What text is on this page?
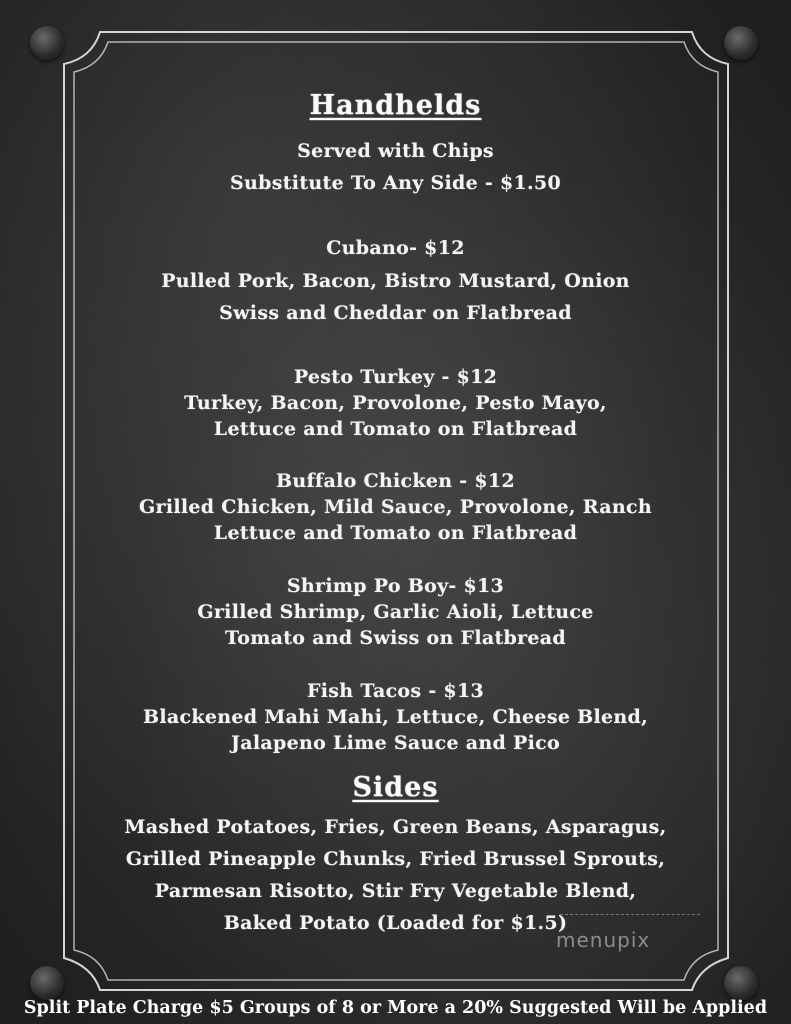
Handhelds
Served with Chips
Substitute To Any Side - $1.50
Cubano- $12
Pulled Pork, Bacon, Bistro Mustard, Onion
Swiss and Cheddar on Flatbread
Pesto Turkey - $12
Turkey, Bacon, Provolone, Pesto Mayo,
Lettuce and Tomato on Flatbread
Buffalo Chicken - $12
Grilled Chicken, Mild Sauce, Provolone, Ranch
Lettuce and Tomato on Flatbread
Shrimp Po Boy- $13
Grilled Shrimp, Garlic Aioli, Lettuce
Tomato and Swiss on Flatbread
Fish Tacos - $13
Blackened Mahi Mahi, Lettuce, Cheese Blend,
Jalapeno Lime Sauce and Pico
Sides
Mashed Potatoes, Fries, Green Beans, Asparagus,
Grilled Pineapple Chunks, Fried Brussel Sprouts,
Parmesan Risotto, Stir Fry Vegetable Blend,
Baked Potato (Loaded for $1.5)
menupix
Split Plate Charge $5 Groups of 8 or More a 20% Suggested Will be Applied
